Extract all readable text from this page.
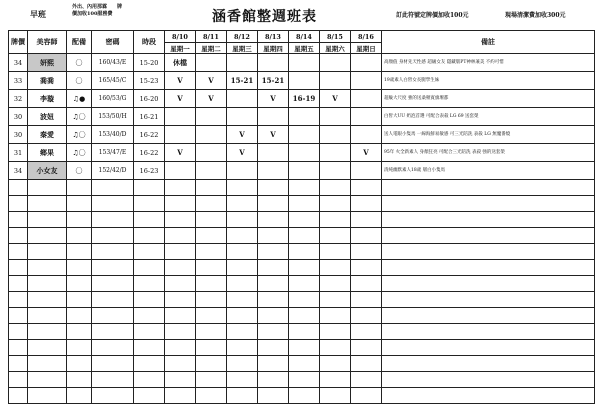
早班
外出、內用那霖　　牌
價加收100服務費	涵香館整週班表	訂此符號定牌價加收100元	現場清潔費加收300元
牌價	美容師	配備	密碼	時段	8/10	8/11	8/12	8/13	8/14	8/15	8/16	備註
					星期一	星期二	星期三	星期四	星期五	星期六	星期日	
34	妍熙	〇	160/43/E	15-20	休檔							高顏值 身材先天性感 超級女友 隱藏版PT神林兼美 不約可惜
33	喬喬	〇	165/45/C	15-23	V	V	15-21	15-21				19歲素人白皙女長腿學生妹
32	李璇	♫●	160/53/G	16-20	V	V		V	16-19	V		超級大尺度 強的送桑頓賓旗堰都
30	波妞	♫〇	153/50/H	16-21								白皙大UU 奶泡首選 可配合表殺 LG 69 送套榮
30	秦愛	♫〇	153/40/D	16-22			V	V				送人電眼小隻馬 一線海鮮易敏感 可三光陪洗 表殺 LG 無魔番燒
31	鄉果	♫〇	153/47/E	16-22	V		V				V	95年 火全新素人 身顏狂亮 可配合三光陪洗 表殺 強的送套榮
34	小女友	〇	152/42/D	16-23								清純幽默素人18歲 層白小隻馬
